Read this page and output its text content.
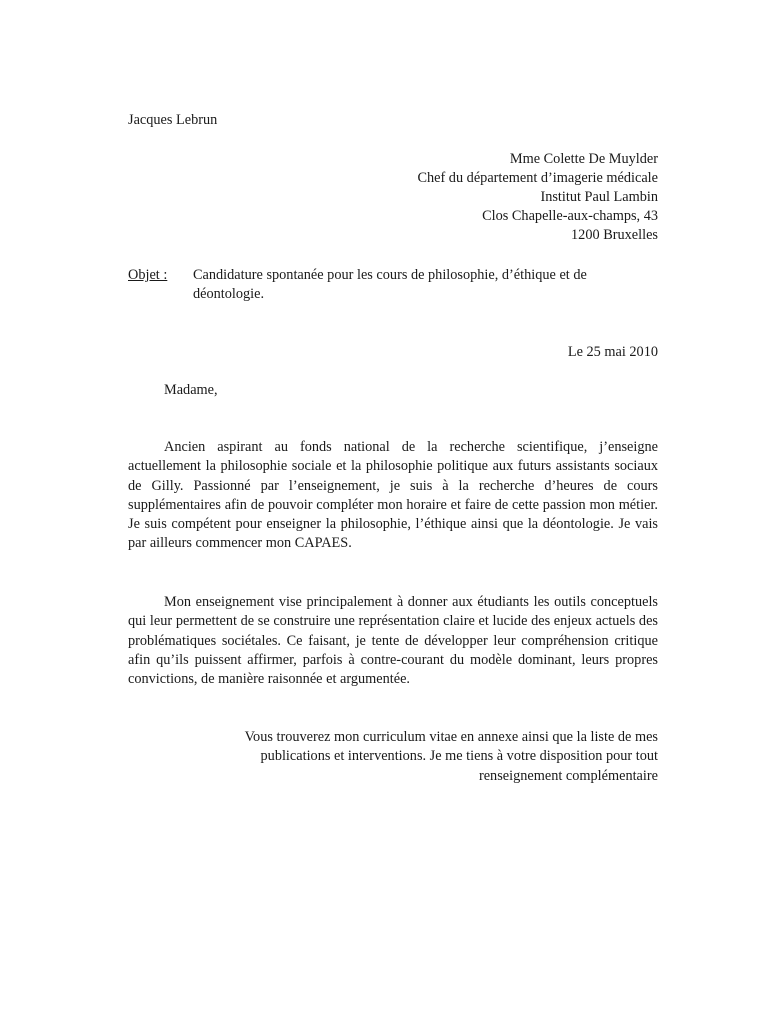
Jacques Lebrun
Mme Colette De Muylder
Chef du département d’imagerie médicale
Institut Paul Lambin
Clos Chapelle-aux-champs, 43
1200 Bruxelles
Objet : Candidature spontanée pour les cours de philosophie, d’éthique et de
déontologie.
Le 25 mai 2010
Madame,
Ancien aspirant au fonds national de la recherche scientifique, j’enseigne actuellement la philosophie sociale et la philosophie politique aux futurs assistants sociaux de Gilly. Passionné par l’enseignement, je suis à la recherche d’heures de cours supplémentaires afin de pouvoir compléter mon horaire et faire de cette passion mon métier. Je suis compétent pour enseigner la philosophie, l’éthique ainsi que la déontologie. Je vais par ailleurs commencer mon CAPAES.
Mon enseignement vise principalement à donner aux étudiants les outils conceptuels qui leur permettent de se construire une représentation claire et lucide des enjeux actuels des problématiques sociétales. Ce faisant, je tente de développer leur compréhension critique afin qu’ils puissent affirmer, parfois à contre-courant du modèle dominant, leurs propres convictions, de manière raisonnée et argumentée.
Vous trouverez mon curriculum vitae en annexe ainsi que la liste de mes
publications et interventions. Je me tiens à votre disposition pour tout
renseignement complémentaire
